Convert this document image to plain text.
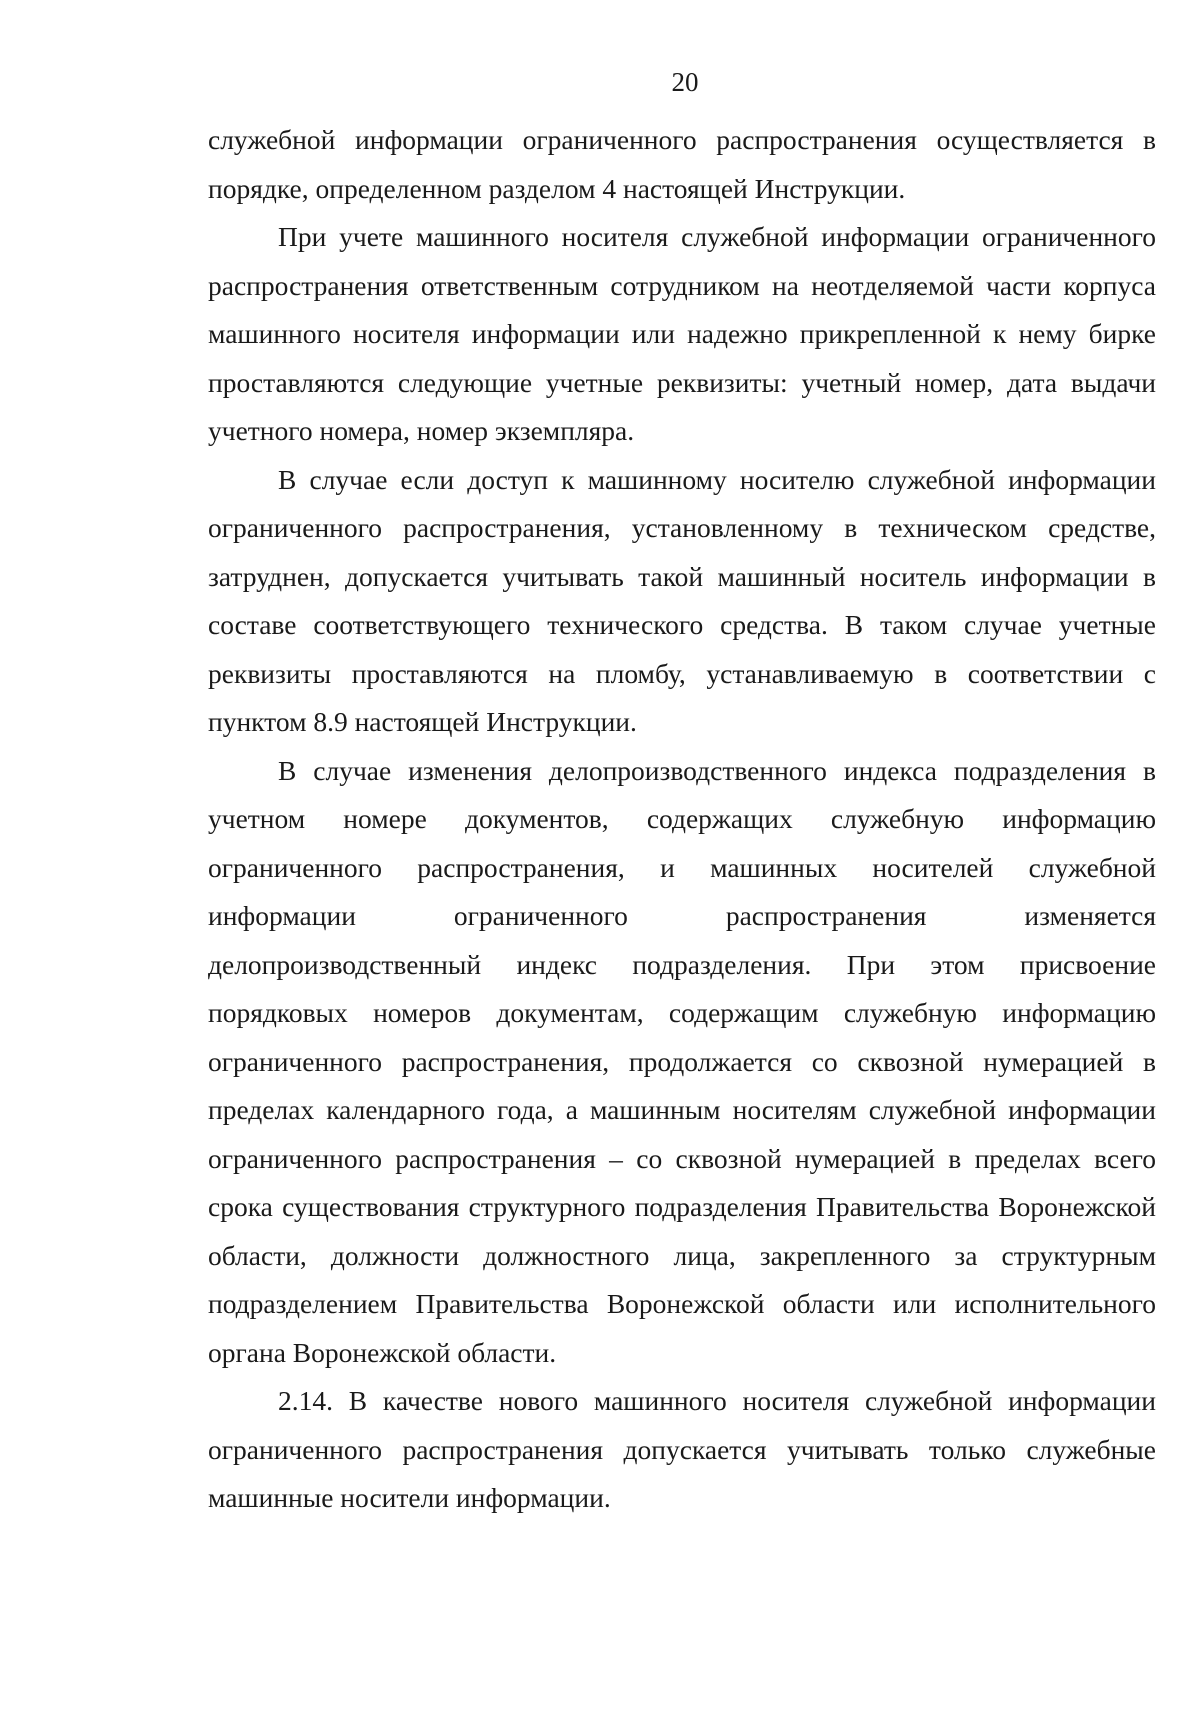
20

служебной информации ограниченного распространения осуществляется в порядке, определенном разделом 4 настоящей Инструкции.

При учете машинного носителя служебной информации ограниченного распространения ответственным сотрудником на неотделяемой части корпуса машинного носителя информации или надежно прикрепленной к нему бирке проставляются следующие учетные реквизиты: учетный номер, дата выдачи учетного номера, номер экземпляра.

В случае если доступ к машинному носителю служебной информации ограниченного распространения, установленному в техническом средстве, затруднен, допускается учитывать такой машинный носитель информации в составе соответствующего технического средства. В таком случае учетные реквизиты проставляются на пломбу, устанавливаемую в соответствии с пунктом 8.9 настоящей Инструкции.

В случае изменения делопроизводственного индекса подразделения в учетном номере документов, содержащих служебную информацию ограниченного распространения, и машинных носителей служебной информации ограниченного распространения изменяется делопроизводственный индекс подразделения. При этом присвоение порядковых номеров документам, содержащим служебную информацию ограниченного распространения, продолжается со сквозной нумерацией в пределах календарного года, а машинным носителям служебной информации ограниченного распространения – со сквозной нумерацией в пределах всего срока существования структурного подразделения Правительства Воронежской области, должности должностного лица, закрепленного за структурным подразделением Правительства Воронежской области или исполнительного органа Воронежской области.

2.14. В качестве нового машинного носителя служебной информации ограниченного распространения допускается учитывать только служебные машинные носители информации.
